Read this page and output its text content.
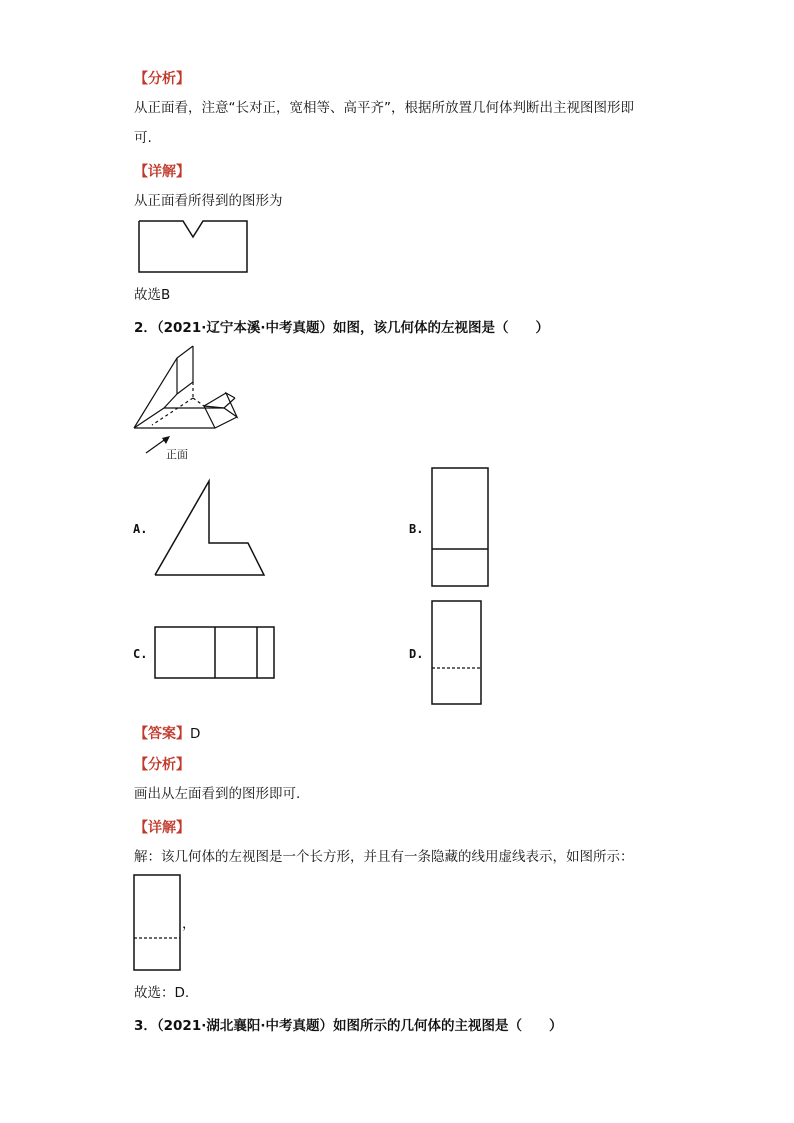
【分析】
从正面看，注意“长对正，宽相等、高平齐”，根据所放置几何体判断出主视图图形即
可.
【详解】
从正面看所得到的图形为
故选B
2．（2021·辽宁本溪·中考真题）如图，该几何体的左视图是（　　）
正面
A.	B.
C.	D.
【答案】D
【分析】
画出从左面看到的图形即可.
【详解】
解：该几何体的左视图是一个长方形，并且有一条隐藏的线用虚线表示，如图所示：
，
故选：D.
3．（2021·湖北襄阳·中考真题）如图所示的几何体的主视图是（　　）
